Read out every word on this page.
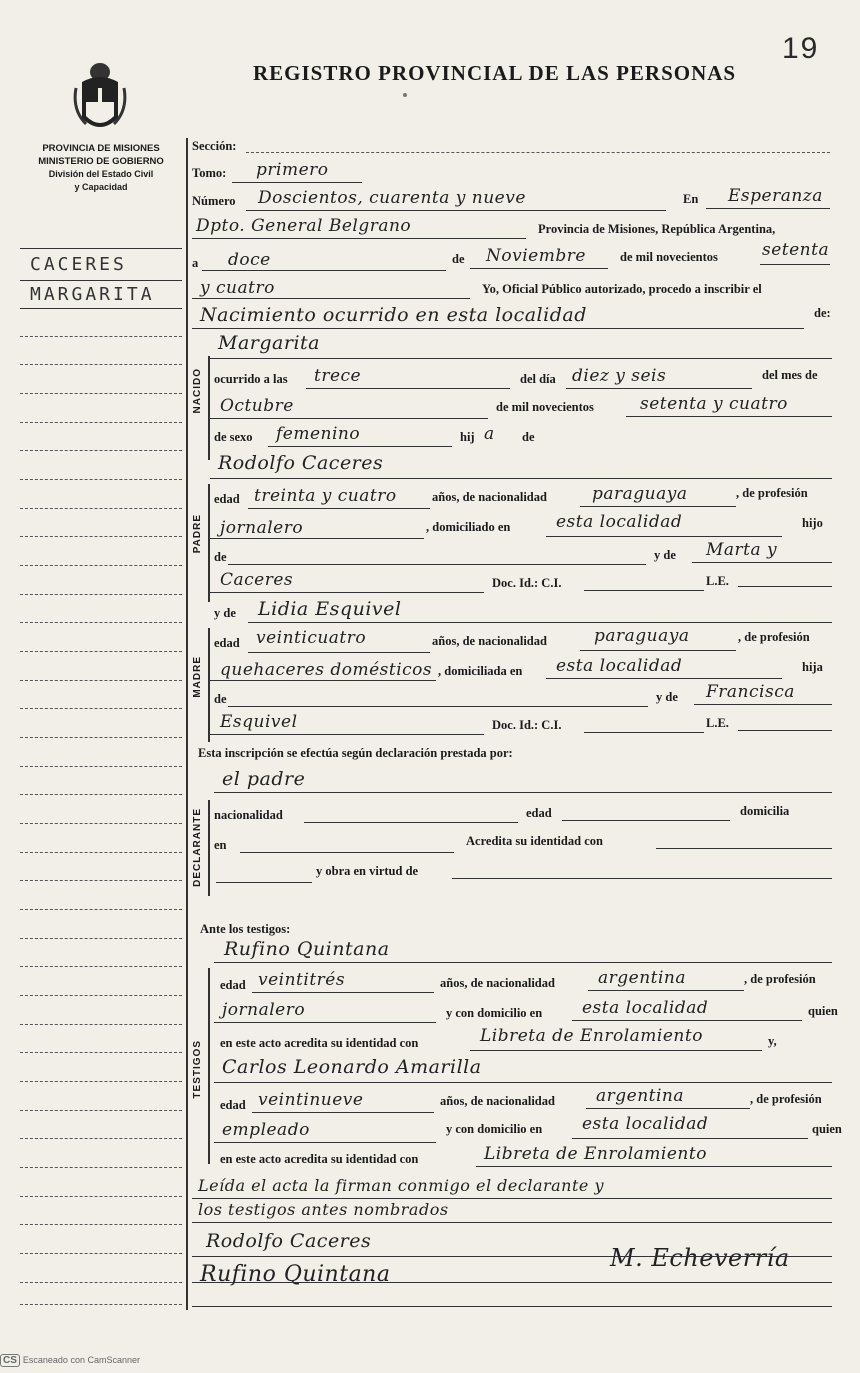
19
REGISTRO PROVINCIAL DE LAS PERSONAS
PROVINCIA DE MISIONES
MINISTERIO DE GOBIERNO
División del Estado Civil
y Capacidad
CACERES
MARGARITA
Sección:
Tomo: primero
Número Doscientos, cuarenta y nueve	En Esperanza
Dpto. General Belgrano	Provincia de Misiones, República Argentina,
a doce	de Noviembre	de mil novecientos	setenta
y cuatro	Yo, Oficial Público autorizado, procedo a inscribir el
Nacimiento ocurrido en esta localidad	de:
NACIDO
Margarita
ocurrido a las trece	del día diez y seis	del mes de
Octubre	de mil novecientos	setenta y cuatro
de sexo femenino	hij a de
Rodolfo Caceres
PADRE
edad treinta y cuatro	años, de nacionalidad	paraguaya	, de profesión
jornalero	, domiciliado en	esta localidad	hijo
de	y de Marta y
Caceres	Doc. Id.: C.I.	L.E.
y de Lidia Esquivel
MADRE
edad veinticuatro	años, de nacionalidad	paraguaya	, de profesión
quehaceres domésticos , domiciliada en esta localidad	hija
de	y de Francisca
Esquivel	Doc. Id.: C.I.	L.E.
Esta inscripción se efectúa según declaración prestada por:
el padre
DECLARANTE nacionalidad	edad	domicilia
en	Acredita su identidad con
y obra en virtud de
Ante los testigos:
Rufino Quintana
TESTIGOS
edad veintitrés	años, de nacionalidad	argentina	, de profesión
jornalero	y con domicilio en esta localidad	quien
en este acto acredita su identidad con	Libreta de Enrolamiento	y,
Carlos Leonardo Amarilla
edad veintinueve	años, de nacionalidad argentina	, de profesión
empleado	y con domicilio en esta localidad	quien
en este acto acredita su identidad con	Libreta de Enrolamiento
Leída el acta la firman conmigo el declarante y
los testigos antes nombrados
Rodolfo Caceres
Rufino Quintana
M. Echeverría
CS Escaneado con CamScanner
